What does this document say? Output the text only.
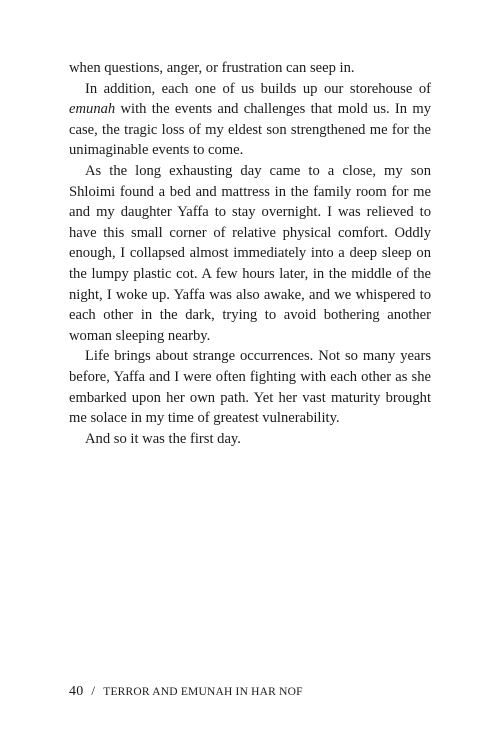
when questions, anger, or frustration can seep in.

In addition, each one of us builds up our storehouse of emunah with the events and challenges that mold us. In my case, the tragic loss of my eldest son strengthened me for the unimaginable events to come.

As the long exhausting day came to a close, my son Shloimi found a bed and mattress in the family room for me and my daughter Yaffa to stay overnight. I was relieved to have this small corner of relative physical comfort. Oddly enough, I collapsed almost immediately into a deep sleep on the lumpy plastic cot. A few hours later, in the middle of the night, I woke up. Yaffa was also awake, and we whispered to each other in the dark, trying to avoid bothering another woman sleeping nearby.

Life brings about strange occurrences. Not so many years before, Yaffa and I were often fighting with each other as she embarked upon her own path. Yet her vast maturity brought me solace in my time of greatest vulnerability.

And so it was the first day.

40 / TERROR AND EMUNAH IN HAR NOF
